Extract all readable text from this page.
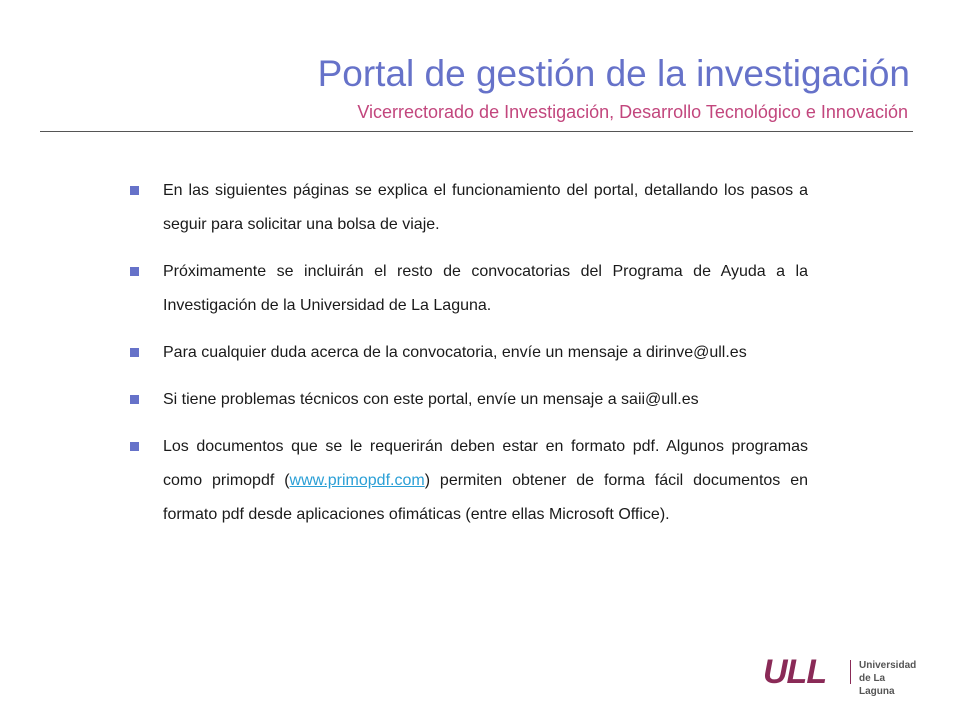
Portal de gestión de la investigación
Vicerrectorado de Investigación, Desarrollo Tecnológico e Innovación
En las siguientes páginas se explica el funcionamiento del portal, detallando los pasos a seguir para solicitar una bolsa de viaje.
Próximamente se incluirán el resto de convocatorias del Programa de Ayuda a la Investigación de la Universidad de La Laguna.
Para cualquier duda acerca de la convocatoria, envíe un mensaje a dirinve@ull.es
Si tiene problemas técnicos con este portal, envíe un mensaje a saii@ull.es
Los documentos que se le requerirán deben estar en formato pdf. Algunos programas como primopdf (www.primopdf.com) permiten obtener de forma fácil documentos en formato pdf desde aplicaciones ofimáticas (entre ellas Microsoft Office).
ULL	Universidad
de La Laguna
